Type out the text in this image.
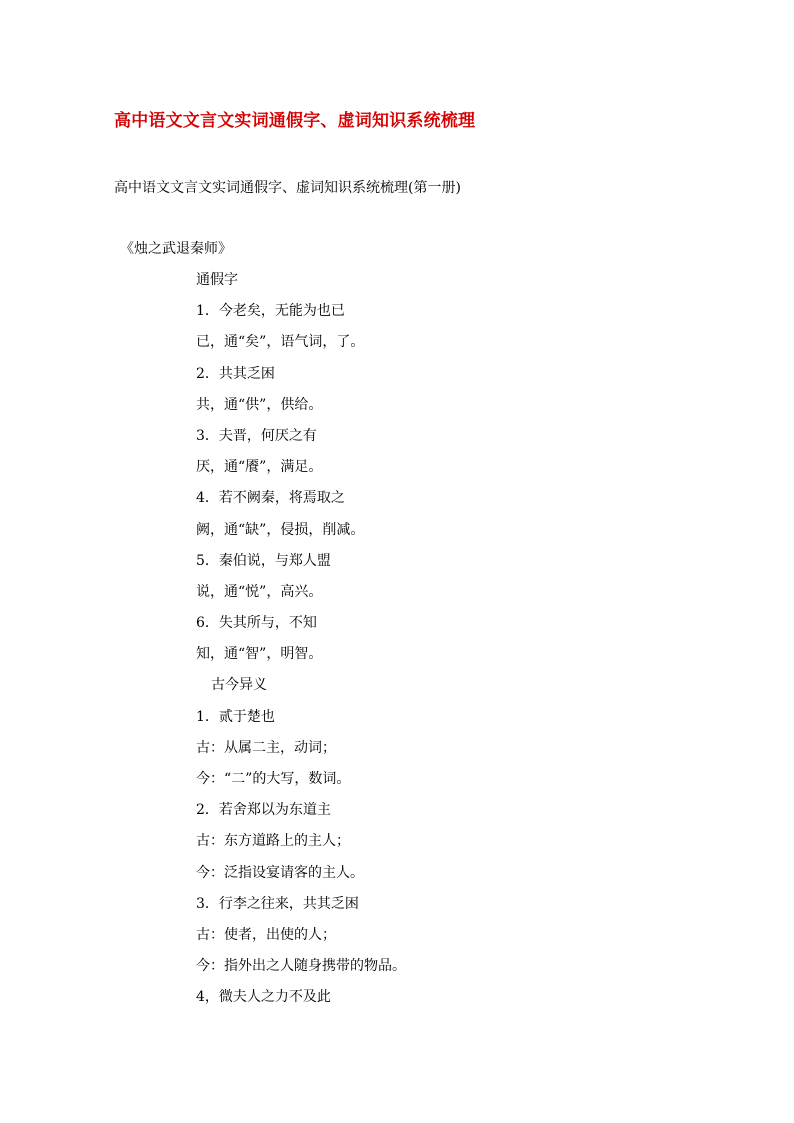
高中语文文言文实词通假字、虚词知识系统梳理
高中语文文言文实词通假字、虚词知识系统梳理(第一册)
《烛之武退秦师》
通假字
1．今老矣，无能为也已
已，通“矣”，语气词，了。
2．共其乏困
共，通“供”，供给。
3．夫晋，何厌之有
厌，通“餍”，满足。
4．若不阙秦，将焉取之
阙，通“缺”，侵损，削减。
5．秦伯说，与郑人盟
说，通“悦”，高兴。
6．失其所与，不知
知，通“智”，明智。
古今异义
1．贰于楚也
古：从属二主，动词；
今：“二”的大写，数词。
2．若舍郑以为东道主
古：东方道路上的主人；
今：泛指设宴请客的主人。
3．行李之往来，共其乏困
古：使者，出使的人；
今：指外出之人随身携带的物品。
4，微夫人之力不及此
